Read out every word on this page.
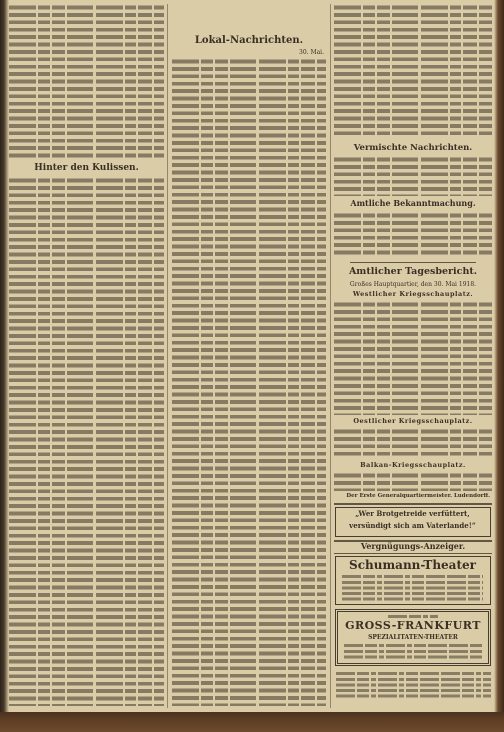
Hinter den Kulissen.
Lokal-Nachrichten.
30. Mai.
Vermischte Nachrichten.
Amtliche Bekanntmachung.
Amtlicher Tagesbericht.
Großes Hauptquartier, den 30. Mai 1918.
Westlicher Kriegsschauplatz.
Oestlicher Kriegsschauplatz.
Balkan-Kriegsschauplatz.
Der Erste Generalquartiermeister. Ludendorff.
„Wer Brotgetreide verfüttert,
versündigt sich am Vaterlande!“
Vergnügungs-Anzeiger.
Schumann-Theater
GROSS-FRANKFURT
SPEZIALITÄTEN-THEATER
